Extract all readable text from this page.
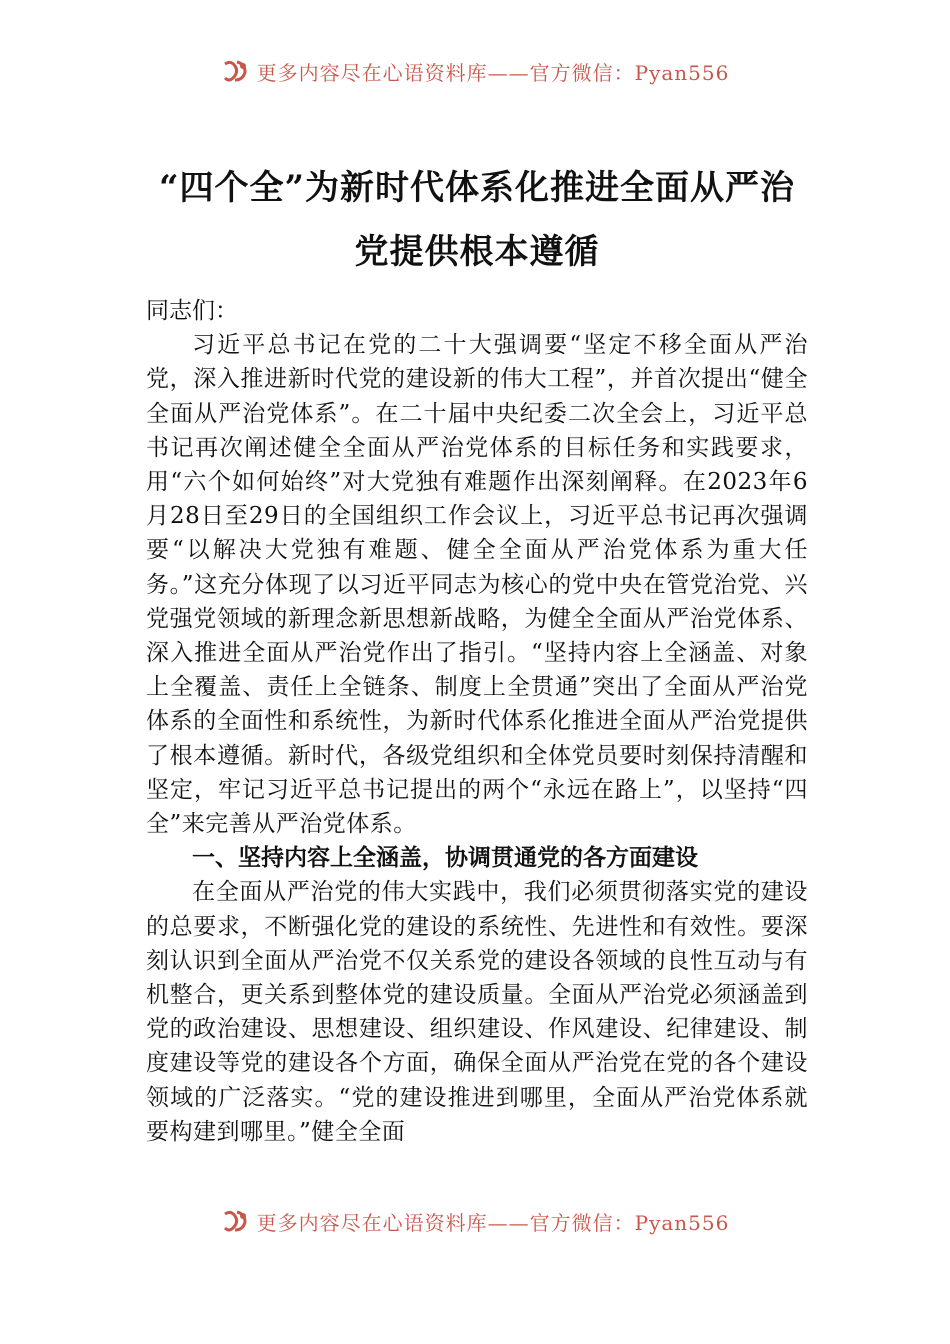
更多内容尽在心语资料库——官方微信：Pyan556
“四个全”为新时代体系化推进全面从严治
党提供根本遵循

同志们：

习近平总书记在党的二十大强调要“坚定不移全面从严治党，深入推进新时代党的建设新的伟大工程”，并首次提出“健全全面从严治党体系”。在二十届中央纪委二次全会上，习近平总书记再次阐述健全全面从严治党体系的目标任务和实践要求，用“六个如何始终”对大党独有难题作出深刻阐释。在2023年6月28日至29日的全国组织工作会议上，习近平总书记再次强调要“以解决大党独有难题、健全全面从严治党体系为重大任务。”这充分体现了以习近平同志为核心的党中央在管党治党、兴党强党领域的新理念新思想新战略，为健全全面从严治党体系、深入推进全面从严治党作出了指引。“坚持内容上全涵盖、对象上全覆盖、责任上全链条、制度上全贯通”突出了全面从严治党体系的全面性和系统性，为新时代体系化推进全面从严治党提供了根本遵循。新时代，各级党组织和全体党员要时刻保持清醒和坚定，牢记习近平总书记提出的两个“永远在路上”，以坚持“四全”来完善从严治党体系。

一、坚持内容上全涵盖，协调贯通党的各方面建设

在全面从严治党的伟大实践中，我们必须贯彻落实党的建设的总要求，不断强化党的建设的系统性、先进性和有效性。要深刻认识到全面从严治党不仅关系党的建设各领域的良性互动与有机整合，更关系到整体党的建设质量。全面从严治党必须涵盖到党的政治建设、思想建设、组织建设、作风建设、纪律建设、制度建设等党的建设各个方面，确保全面从严治党在党的各个建设领域的广泛落实。“党的建设推进到哪里，全面从严治党体系就要构建到哪里。”健全全面

更多内容尽在心语资料库——官方微信：Pyan556
